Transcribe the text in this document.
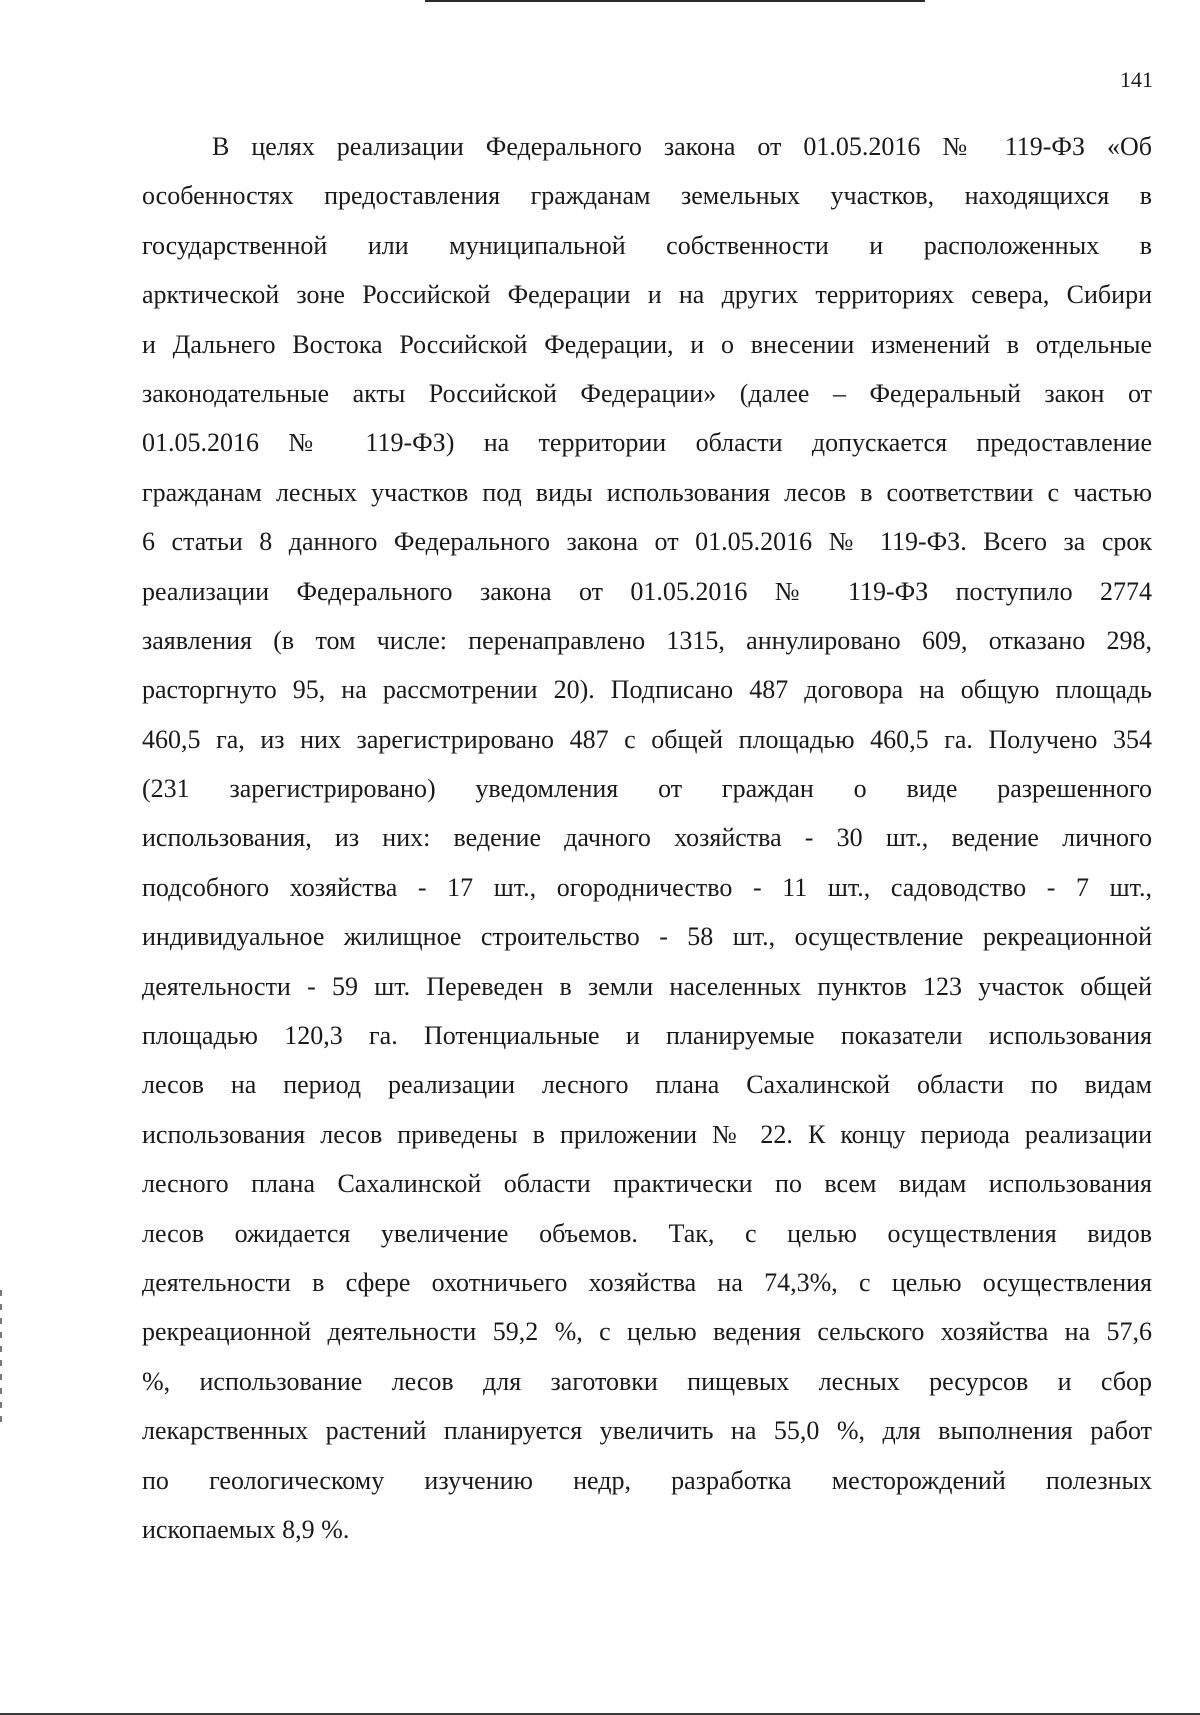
141
В целях реализации Федерального закона от 01.05.2016 № 119-ФЗ «Об
особенностях предоставления гражданам земельных участков, находящихся в
государственной или муниципальной собственности и расположенных в
арктической зоне Российской Федерации и на других территориях севера, Сибири
и Дальнего Востока Российской Федерации, и о внесении изменений в отдельные
законодательные акты Российской Федерации» (далее – Федеральный закон от
01.05.2016 № 119-ФЗ) на территории области допускается предоставление
гражданам лесных участков под виды использования лесов в соответствии с частью
6 статьи 8 данного Федерального закона от 01.05.2016 № 119-ФЗ. Всего за срок
реализации Федерального закона от 01.05.2016 № 119-ФЗ поступило 2774
заявления (в том числе: перенаправлено 1315, аннулировано 609, отказано 298,
расторгнуто 95, на рассмотрении 20). Подписано 487 договора на общую площадь
460,5 га, из них зарегистрировано 487 с общей площадью 460,5 га. Получено 354
(231 зарегистрировано) уведомления от граждан о виде разрешенного
использования, из них: ведение дачного хозяйства - 30 шт., ведение личного
подсобного хозяйства - 17 шт., огородничество - 11 шт., садоводство - 7 шт.,
индивидуальное жилищное строительство - 58 шт., осуществление рекреационной
деятельности - 59 шт. Переведен в земли населенных пунктов 123 участок общей
площадью 120,3 га. Потенциальные и планируемые показатели использования
лесов на период реализации лесного плана Сахалинской области по видам
использования лесов приведены в приложении № 22. К концу периода реализации
лесного плана Сахалинской области практически по всем видам использования
лесов ожидается увеличение объемов. Так, с целью осуществления видов
деятельности в сфере охотничьего хозяйства на 74,3%, с целью осуществления
рекреационной деятельности 59,2 %, с целью ведения сельского хозяйства на 57,6
%, использование лесов для заготовки пищевых лесных ресурсов и сбор
лекарственных растений планируется увеличить на 55,0 %, для выполнения работ
по геологическому изучению недр, разработка месторождений полезных
ископаемых 8,9 %.
